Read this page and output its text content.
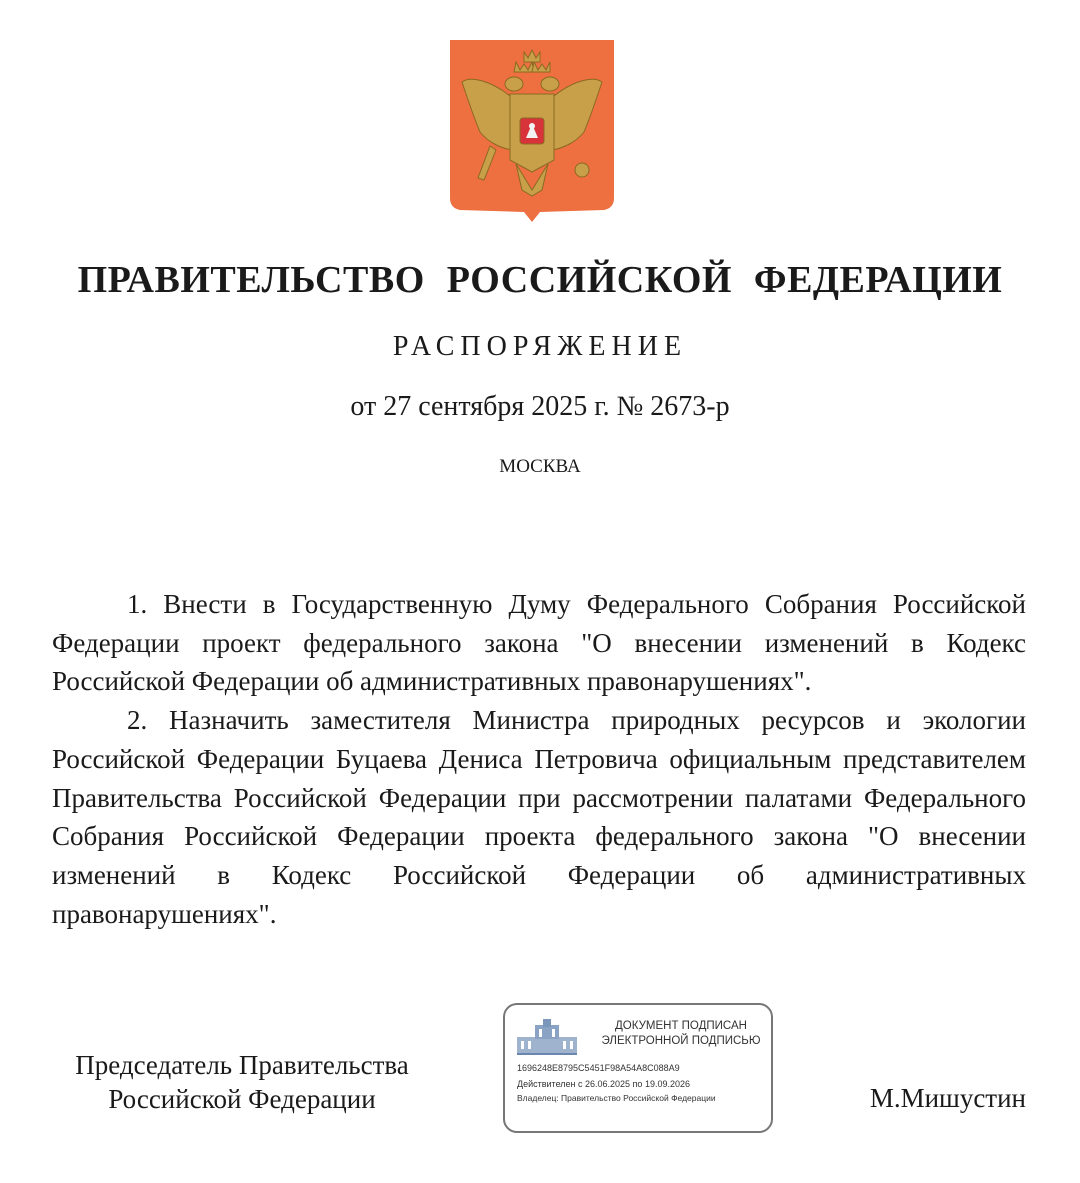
ПРАВИТЕЛЬСТВО РОССИЙСКОЙ ФЕДЕРАЦИИ
РАСПОРЯЖЕНИЕ
от 27 сентября 2025 г. № 2673-р
МОСКВА

1. Внести в Государственную Думу Федерального Собрания Российской Федерации проект федерального закона "О внесении изменений в Кодекс Российской Федерации об административных правонарушениях".

2. Назначить заместителя Министра природных ресурсов и экологии Российской Федерации Буцаева Дениса Петровича официальным представителем Правительства Российской Федерации при рассмотрении палатами Федерального Собрания Российской Федерации проекта федерального закона "О внесении изменений в Кодекс Российской Федерации об административных правонарушениях".

Председатель Правительства
Российской Федерации
ДОКУМЕНТ ПОДПИСАН
ЭЛЕКТРОННОЙ ПОДПИСЬЮ
1696248E8795C5451F98A54A8C088A9
Действителен с 26.06.2025 по 19.09.2026
Владелец: Правительство Российской Федерации	М.Мишустин
